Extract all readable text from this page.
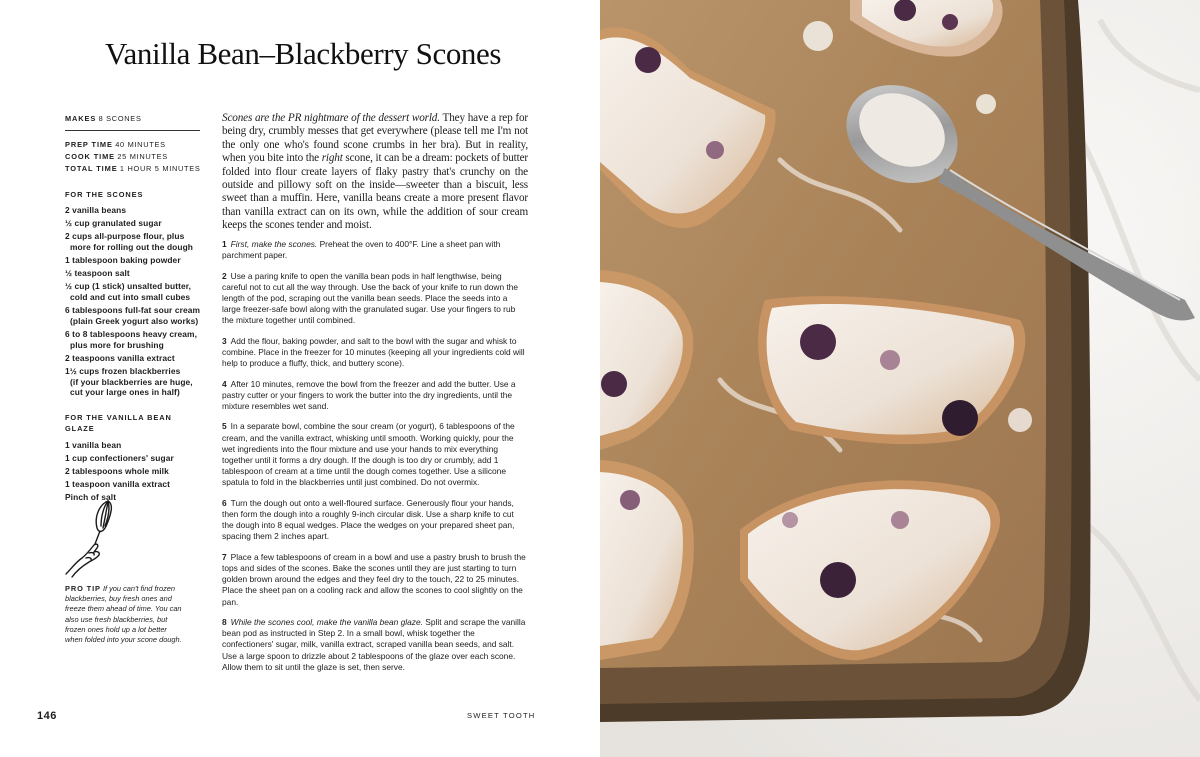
Vanilla Bean–Blackberry Scones
MAKES 8 SCONES
PREP TIME 40 MINUTES
COOK TIME 25 MINUTES
TOTAL TIME 1 HOUR 5 MINUTES
FOR THE SCONES
2 vanilla beans
½ cup granulated sugar
2 cups all-purpose flour, plus
more for rolling out the dough
1 tablespoon baking powder
½ teaspoon salt
½ cup (1 stick) unsalted butter,
cold and cut into small cubes
6 tablespoons full-fat sour cream
(plain Greek yogurt also works)
6 to 8 tablespoons heavy cream,
plus more for brushing
2 teaspoons vanilla extract
1½ cups frozen blackberries
(if your blackberries are huge,
cut your large ones in half)
FOR THE VANILLA BEAN GLAZE
1 vanilla bean
1 cup confectioners' sugar
2 tablespoons whole milk
1 teaspoon vanilla extract
Pinch of salt
PRO TIP If you can't find frozen blackberries, buy fresh ones and freeze them ahead of time. You can also use fresh blackberries, but frozen ones hold up a lot better when folded into your scone dough.
Scones are the PR nightmare of the dessert world. They have a rep for being dry, crumbly messes that get everywhere (please tell me I'm not the only one who's found scone crumbs in her bra). But in reality, when you bite into the right scone, it can be a dream: pockets of butter folded into flour create layers of flaky pastry that's crunchy on the outside and pillowy soft on the inside—sweeter than a biscuit, less sweet than a muffin. Here, vanilla beans create a more present flavor than vanilla extract can on its own, while the addition of sour cream keeps the scones tender and moist.
1 First, make the scones. Preheat the oven to 400°F. Line a sheet pan with parchment paper.
2 Use a paring knife to open the vanilla bean pods in half lengthwise, being careful not to cut all the way through. Use the back of your knife to run down the length of the pod, scraping out the vanilla bean seeds. Place the seeds into a large freezer-safe bowl along with the granulated sugar. Use your fingers to rub the mixture together until combined.
3 Add the flour, baking powder, and salt to the bowl with the sugar and whisk to combine. Place in the freezer for 10 minutes (keeping all your ingredients cold will help to produce a fluffy, thick, and buttery scone).
4 After 10 minutes, remove the bowl from the freezer and add the butter. Use a pastry cutter or your fingers to work the butter into the dry ingredients, until the mixture resembles wet sand.
5 In a separate bowl, combine the sour cream (or yogurt), 6 tablespoons of the cream, and the vanilla extract, whisking until smooth. Working quickly, pour the wet ingredients into the flour mixture and use your hands to mix everything together until it forms a dry dough. If the dough is too dry or crumbly, add 1 tablespoon of cream at a time until the dough comes together. Use a silicone spatula to fold in the blackberries until just combined. Do not overmix.
6 Turn the dough out onto a well-floured surface. Generously flour your hands, then form the dough into a roughly 9-inch circular disk. Use a sharp knife to cut the dough into 8 equal wedges. Place the wedges on your prepared sheet pan, spacing them 2 inches apart.
7 Place a few tablespoons of cream in a bowl and use a pastry brush to brush the tops and sides of the scones. Bake the scones until they are just starting to turn golden brown around the edges and they feel dry to the touch, 22 to 25 minutes. Place the sheet pan on a cooling rack and allow the scones to cool slightly on the pan.
8 While the scones cool, make the vanilla bean glaze. Split and scrape the vanilla bean pod as instructed in Step 2. In a small bowl, whisk together the confectioners' sugar, milk, vanilla extract, scraped vanilla bean seeds, and salt. Use a large spoon to drizzle about 2 tablespoons of the glaze over each scone. Allow them to sit until the glaze is set, then serve.
146	SWEET TOOTH
